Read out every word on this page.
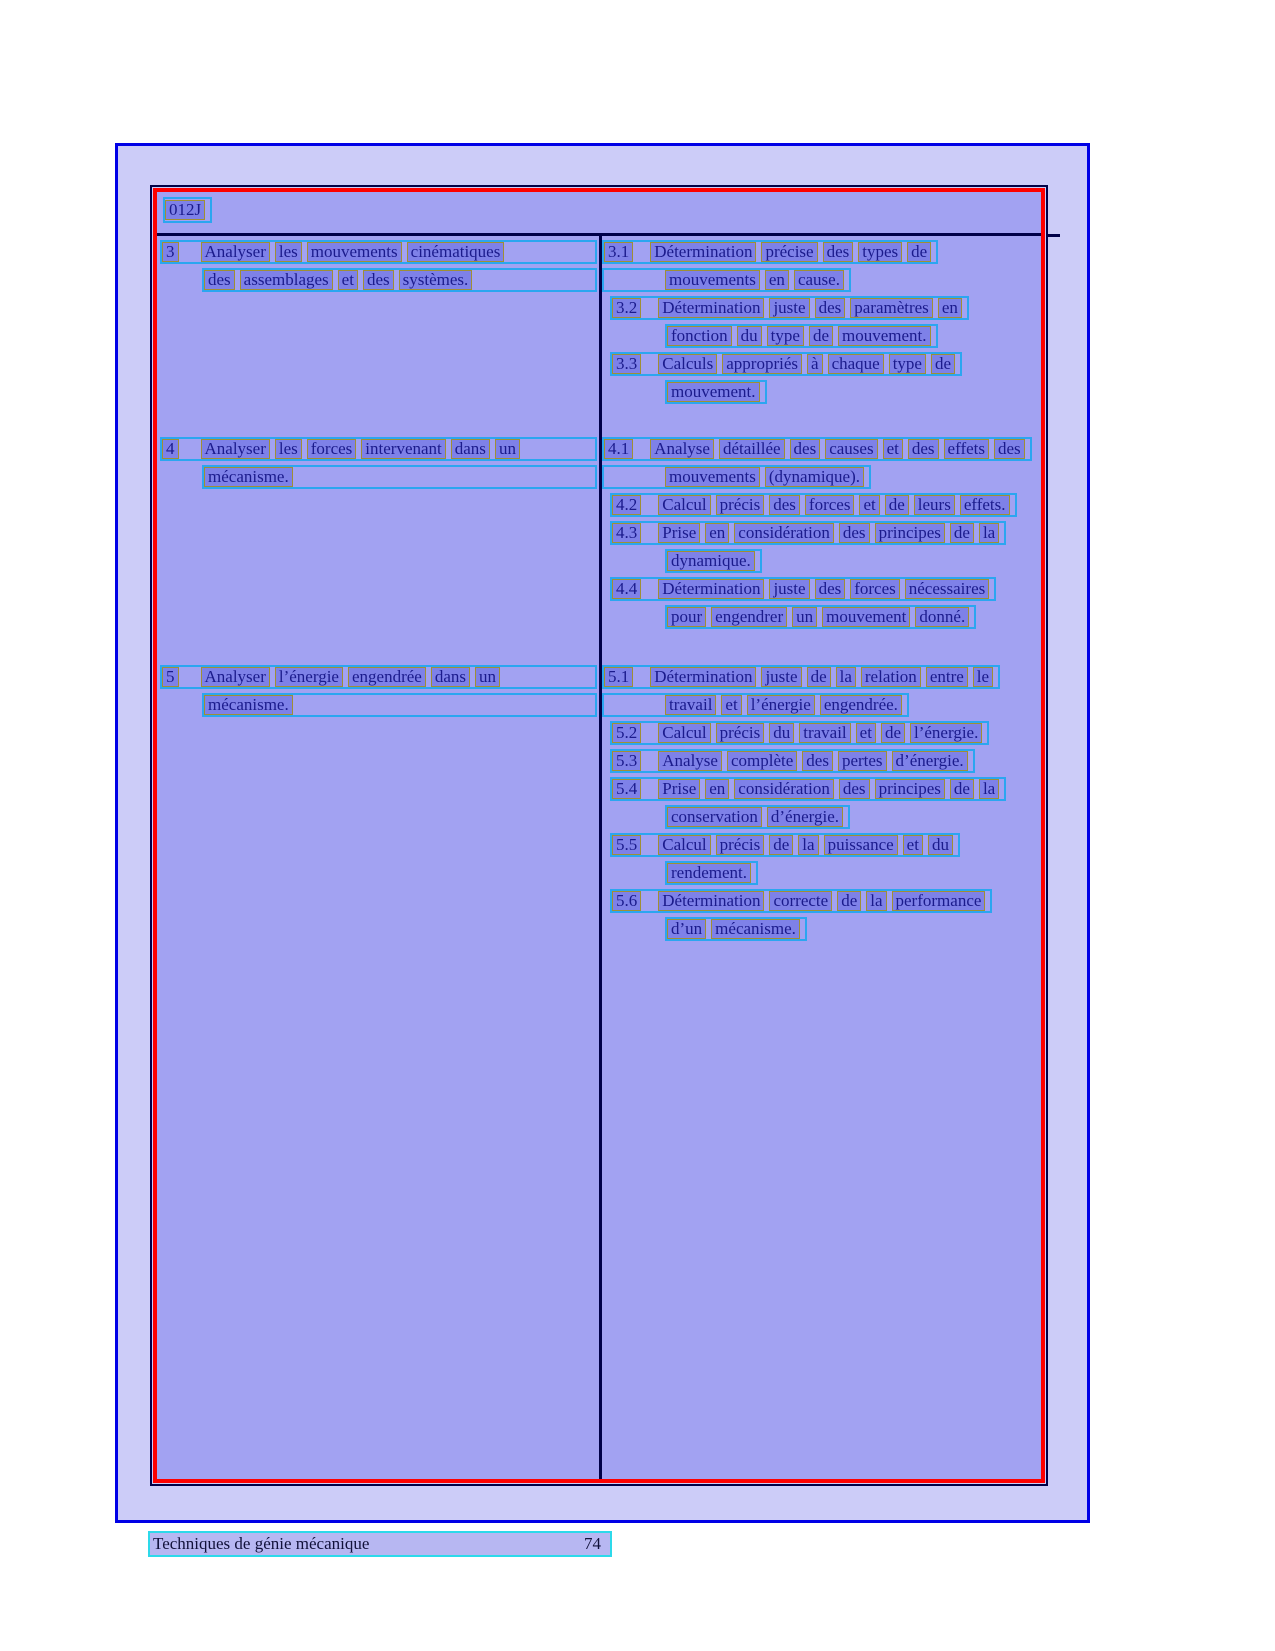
012J
3 Analyser les mouvements cinématiques
des assemblages et des systèmes.
4 Analyser les forces intervenant dans un
mécanisme.
5 Analyser l’énergie engendrée dans un
mécanisme.
3.1 Détermination précise des types de
mouvements en cause.
3.2 Détermination juste des paramètres en
fonction du type de mouvement.
3.3 Calculs appropriés à chaque type de
mouvement.
4.1 Analyse détaillée des causes et des effets des
mouvements (dynamique).
4.2 Calcul précis des forces et de leurs effets.
4.3 Prise en considération des principes de la
dynamique.
4.4 Détermination juste des forces nécessaires
pour engendrer un mouvement donné.
5.1 Détermination juste de la relation entre le
travail et l’énergie engendrée.
5.2 Calcul précis du travail et de l’énergie.
5.3 Analyse complète des pertes d’énergie.
5.4 Prise en considération des principes de la
conservation d’énergie.
5.5 Calcul précis de la puissance et du
rendement.
5.6 Détermination correcte de la performance
d’un mécanisme.
Techniques de génie mécanique	74
